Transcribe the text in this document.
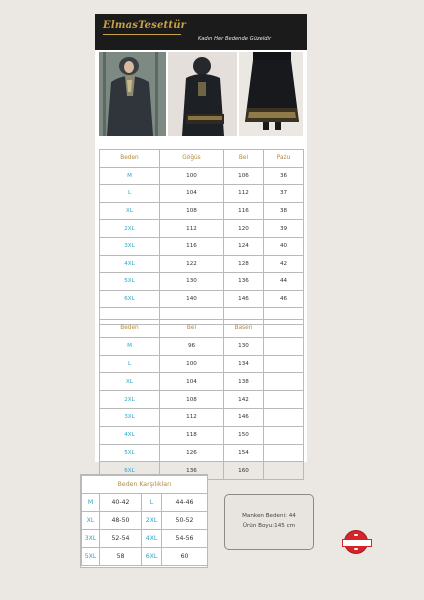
ElmasTesettür
Kadın Her Bedende Güzeldir
Beden	Göğüs	Bel	Pazu
M	100	106	36
L	104	112	37
XL	108	116	38
2XL	112	120	39
3XL	116	124	40
4XL	122	128	42
5XL	130	136	44
6XL	140	146	46

Beden	Bel	Basen	
M	96	130	
L	100	134	
XL	104	138	
2XL	108	142	
3XL	112	146	
4XL	118	150	
5XL	126	154	
6XL	136	160	
Beden Karşılıkları			
M	40-42	L	44-46
XL	48-50	2XL	50-52
3XL	52-54	4XL	54-56
5XL	58	6XL	60
Manken Bedeni: 44
Ürün Boyu:145 cm
